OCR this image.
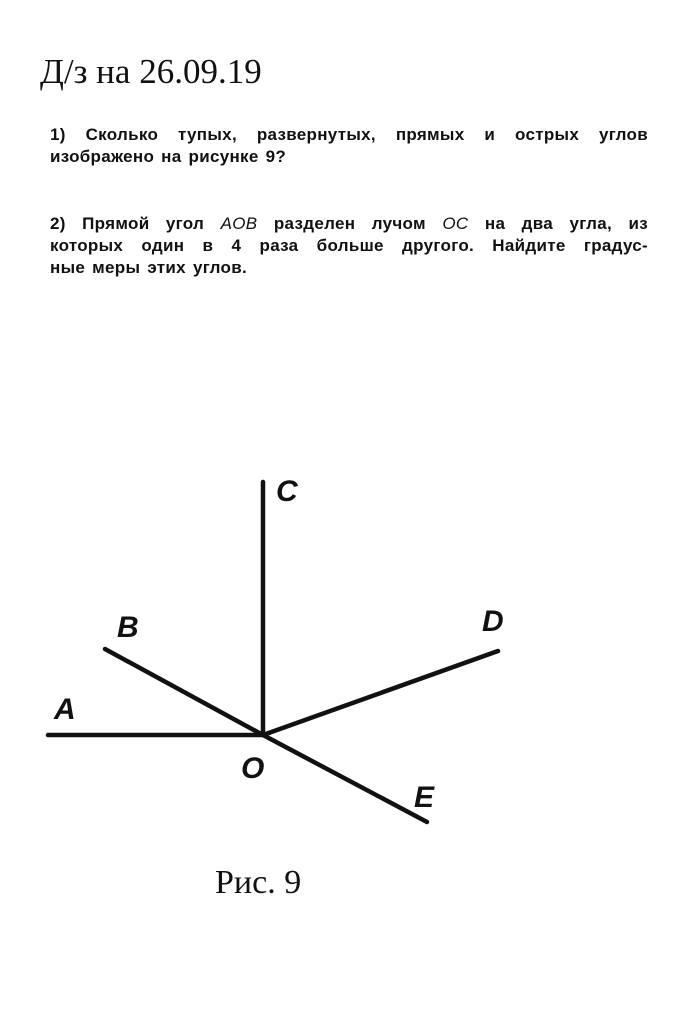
Д/з на 26.09.19

1) Сколько тупых, развернутых, прямых и острых углов
изображено на рисунке 9?

2) Прямой угол AOB разделен лучом OC на два угла, из
которых один в 4 раза больше другого. Найдите градус-
ные меры этих углов.

A
B
C
D
E
O
Рис. 9
